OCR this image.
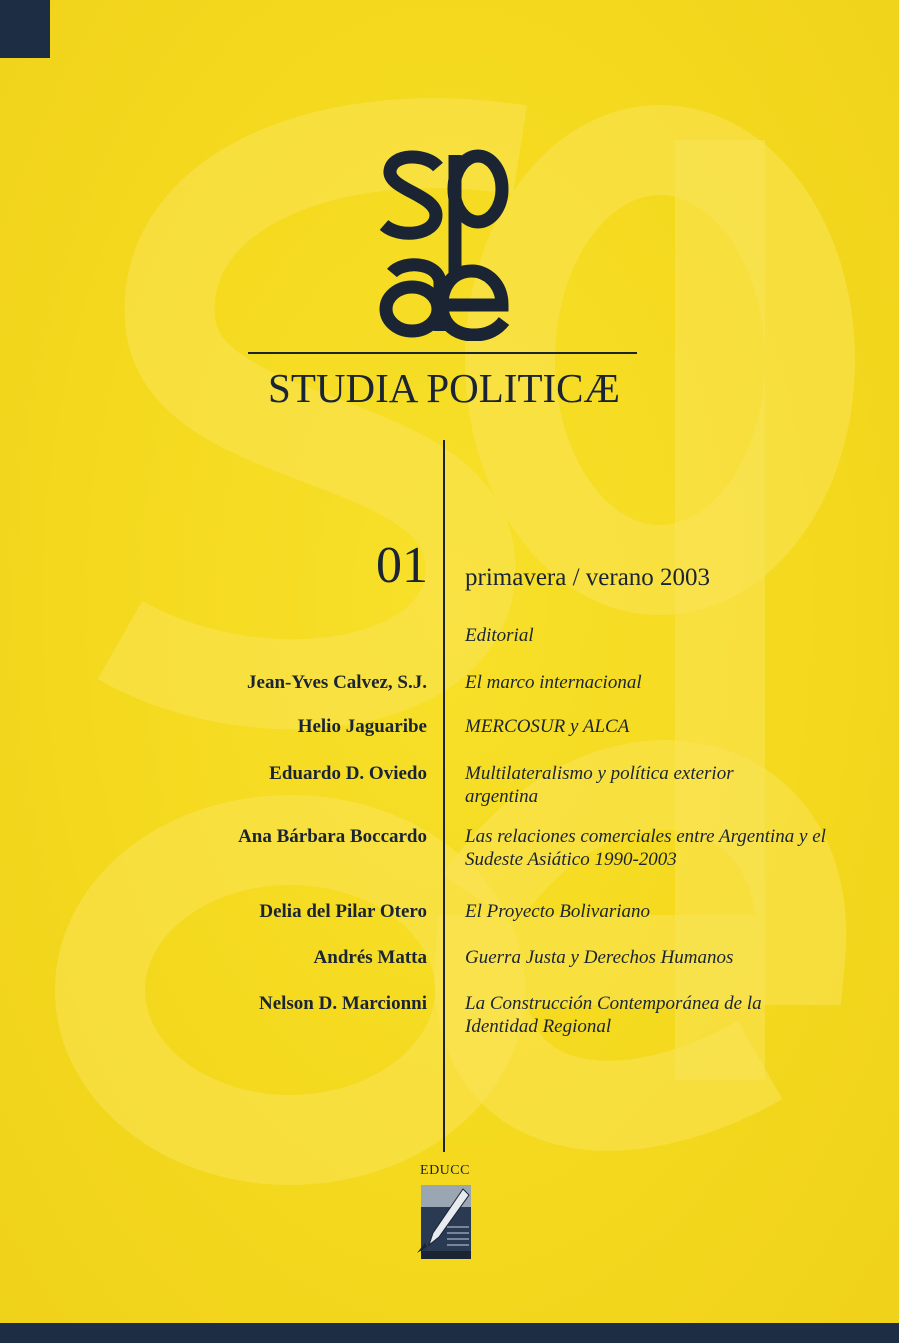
STUDIA POLITICÆ
01 primavera / verano 2003
Editorial
Jean-Yves Calvez, S.J. El marco internacional
Helio Jaguaribe MERCOSUR y ALCA
Eduardo D. Oviedo Multilateralismo y política exterior argentina
Ana Bárbara Boccardo Las relaciones comerciales entre Argentina y el Sudeste Asiático 1990-2003
Delia del Pilar Otero El Proyecto Bolivariano
Andrés Matta Guerra Justa y Derechos Humanos
Nelson D. Marcionni La Construcción Contemporánea de la Identidad Regional
EDUCC
